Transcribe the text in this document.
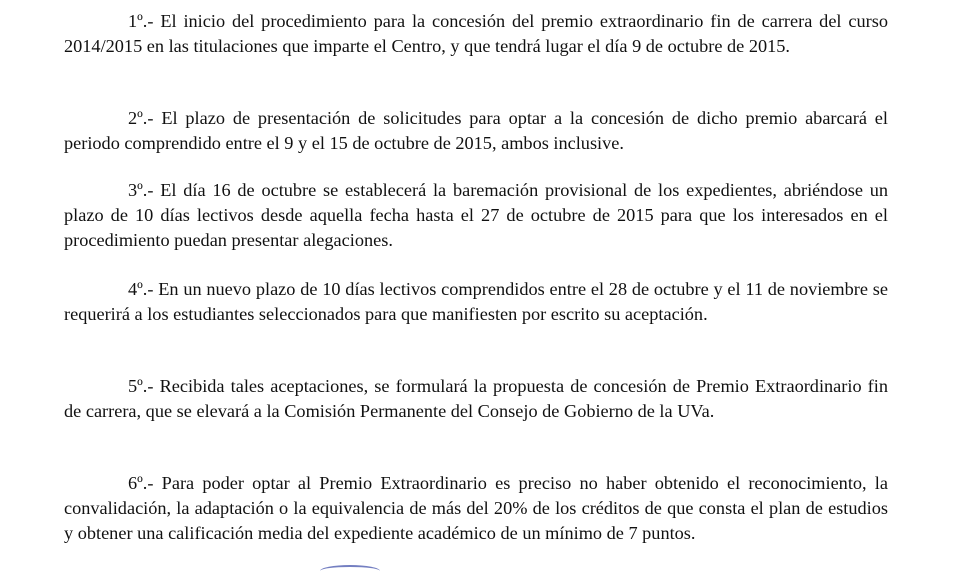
1º.- El inicio del procedimiento para la concesión del premio extraordinario fin de carrera del curso 2014/2015 en las titulaciones que imparte el Centro, y que tendrá lugar el día 9 de octubre de 2015.

2º.- El plazo de presentación de solicitudes para optar a la concesión de dicho premio abarcará el periodo comprendido entre el 9 y el 15 de octubre de 2015, ambos inclusive.

3º.- El día 16 de octubre se establecerá la baremación provisional de los expedientes, abriéndose un plazo de 10 días lectivos desde aquella fecha hasta el 27 de octubre de 2015 para que los interesados en el procedimiento puedan presentar alegaciones.

4º.- En un nuevo plazo de 10 días lectivos comprendidos entre el 28 de octubre y el 11 de noviembre se requerirá a los estudiantes seleccionados para que manifiesten por escrito su aceptación.

5º.- Recibida tales aceptaciones, se formulará la propuesta de concesión de Premio Extraordinario fin de carrera, que se elevará a la Comisión Permanente del Consejo de Gobierno de la UVa.

6º.- Para poder optar al Premio Extraordinario es preciso no haber obtenido el reconocimiento, la convalidación, la adaptación o la equivalencia de más del 20% de los créditos de que consta el plan de estudios y obtener una calificación media del expediente académico de un mínimo de 7 puntos.
